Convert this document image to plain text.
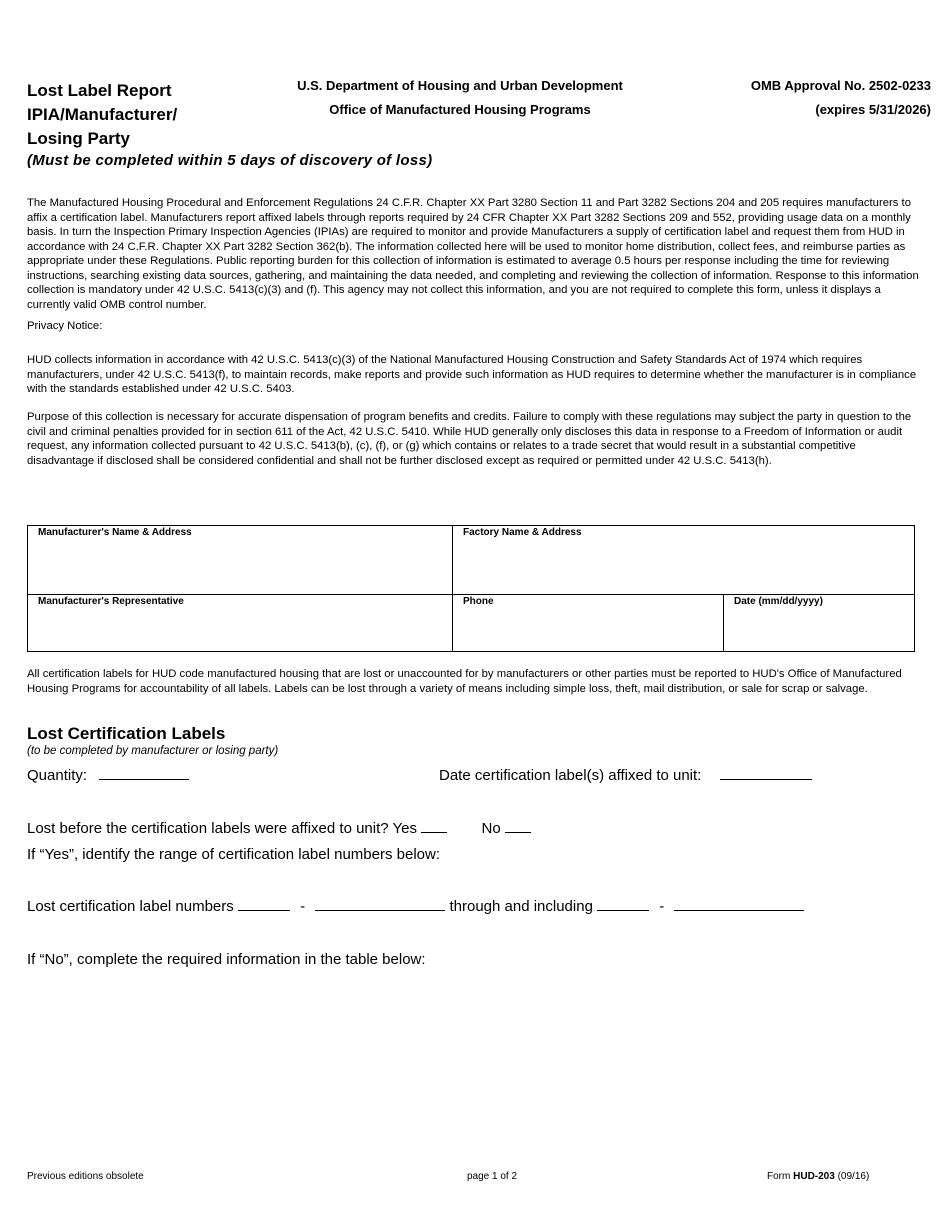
Lost Label Report
IPIA/Manufacturer/
Losing Party
(Must be completed within 5 days of discovery of loss)
U.S. Department of Housing and Urban Development
Office of Manufactured Housing Programs
OMB Approval No. 2502-0233
(expires 5/31/2026)
The Manufactured Housing Procedural and Enforcement Regulations 24 C.F.R. Chapter XX Part 3280 Section 11 and Part 3282 Sections 204 and 205 requires manufacturers to affix a certification label. Manufacturers report affixed labels through reports required by 24 CFR Chapter XX Part 3282 Sections 209 and 552, providing usage data on a monthly basis. In turn the Inspection Primary Inspection Agencies (IPIAs) are required to monitor and provide Manufacturers a supply of certification label and request them from HUD in accordance with 24 C.F.R. Chapter XX Part 3282 Section 362(b). The information collected here will be used to monitor home distribution, collect fees, and reimburse parties as appropriate under these Regulations. Public reporting burden for this collection of information is estimated to average 0.5 hours per response including the time for reviewing instructions, searching existing data sources, gathering, and maintaining the data needed, and completing and reviewing the collection of information. Response to this information collection is mandatory under 42 U.S.C. 5413(c)(3) and (f). This agency may not collect this information, and you are not required to complete this form, unless it displays a currently valid OMB control number.
Privacy Notice:
HUD collects information in accordance with 42 U.S.C. 5413(c)(3) of the National Manufactured Housing Construction and Safety Standards Act of 1974 which requires manufacturers, under 42 U.S.C. 5413(f), to maintain records, make reports and provide such information as HUD requires to determine whether the manufacturer is in compliance with the standards established under 42 U.S.C. 5403.
Purpose of this collection is necessary for accurate dispensation of program benefits and credits. Failure to comply with these regulations may subject the party in question to the civil and criminal penalties provided for in section 611 of the Act, 42 U.S.C. 5410. While HUD generally only discloses this data in response to a Freedom of Information or audit request, any information collected pursuant to 42 U.S.C. 5413(b), (c), (f), or (g) which contains or relates to a trade secret that would result in a substantial competitive disadvantage if disclosed shall be considered confidential and shall not be further disclosed except as required or permitted under 42 U.S.C. 5413(h).
Manufacturer's Name & Address	Factory Name & Address	

Manufacturer's Representative	Phone	Date (mm/dd/yyyy)
All certification labels for HUD code manufactured housing that are lost or unaccounted for by manufacturers or other parties must be reported to HUD's Office of Manufactured Housing Programs for accountability of all labels. Labels can be lost through a variety of means including simple loss, theft, mail distribution, or sale for scrap or salvage.
Lost Certification Labels
(to be completed by manufacturer or losing party)
Quantity:	Date certification label(s) affixed to unit:
Lost before the certification labels were affixed to unit? Yes	No
If “Yes”, identify the range of certification label numbers below:
Lost certification label numbers	-	through and including	-
If “No”, complete the required information in the table below:
Previous editions obsolete	page 1 of 2	Form HUD-203 (09/16)
